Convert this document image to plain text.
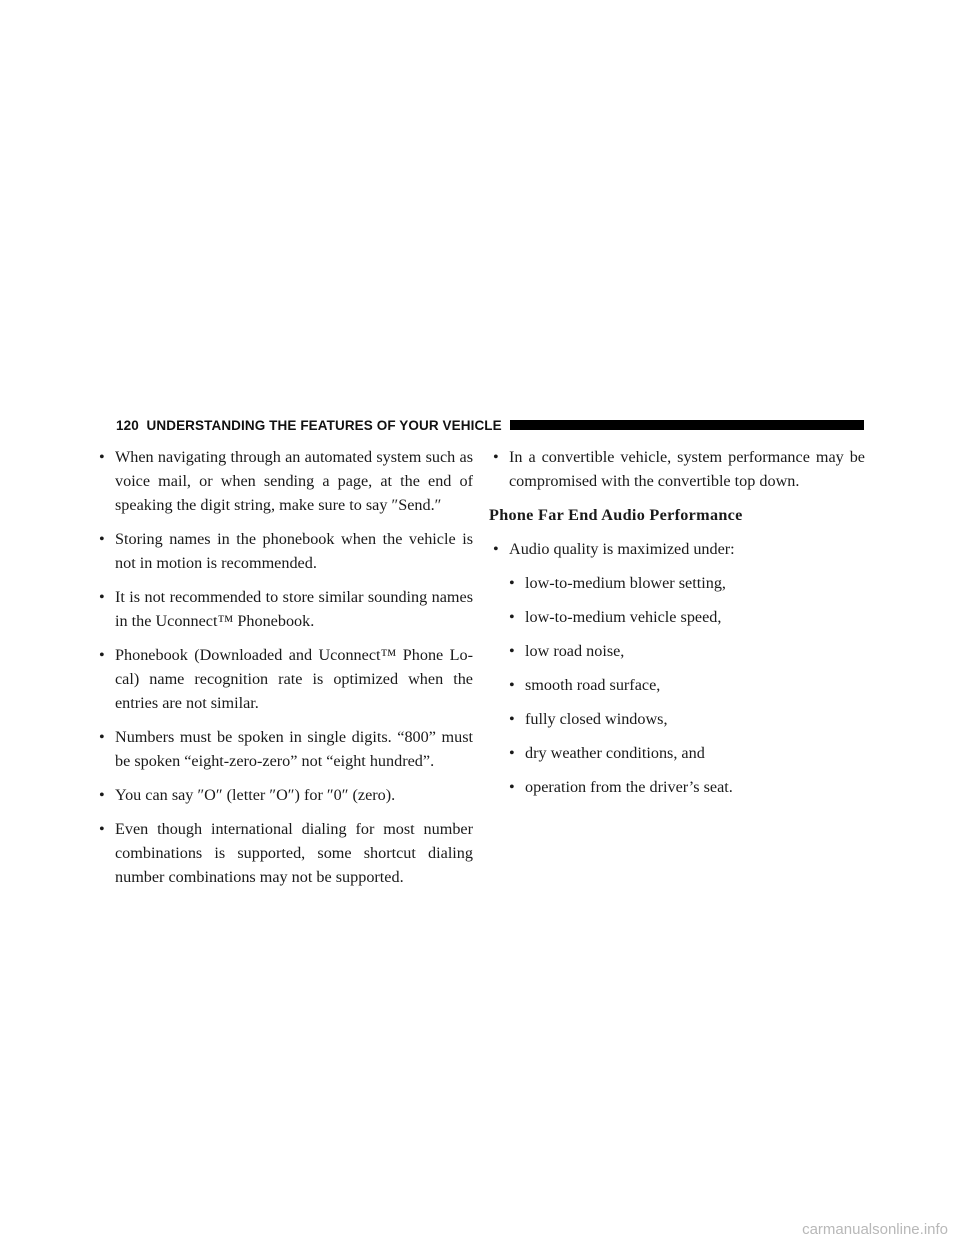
120 UNDERSTANDING THE FEATURES OF YOUR VEHICLE
• When navigating through an automated system such as voice mail, or when sending a page, at the end of speaking the digit string, make sure to say ″Send.″
• Storing names in the phonebook when the vehicle is not in motion is recommended.
• It is not recommended to store similar sounding names in the Uconnect™ Phonebook.
• Phonebook (Downloaded and Uconnect™ Phone Lo-cal) name recognition rate is optimized when the entries are not similar.
• Numbers must be spoken in single digits. “800” must be spoken “eight-zero-zero” not “eight hundred”.
• You can say ″O″ (letter ″O″) for ″0″ (zero).
• Even though international dialing for most number combinations is supported, some shortcut dialing number combinations may not be supported.
• In a convertible vehicle, system performance may be compromised with the convertible top down.
Phone Far End Audio Performance
• Audio quality is maximized under:
• low-to-medium blower setting,
• low-to-medium vehicle speed,
• low road noise,
• smooth road surface,
• fully closed windows,
• dry weather conditions, and
• operation from the driver’s seat.
carmanualsonline.info
